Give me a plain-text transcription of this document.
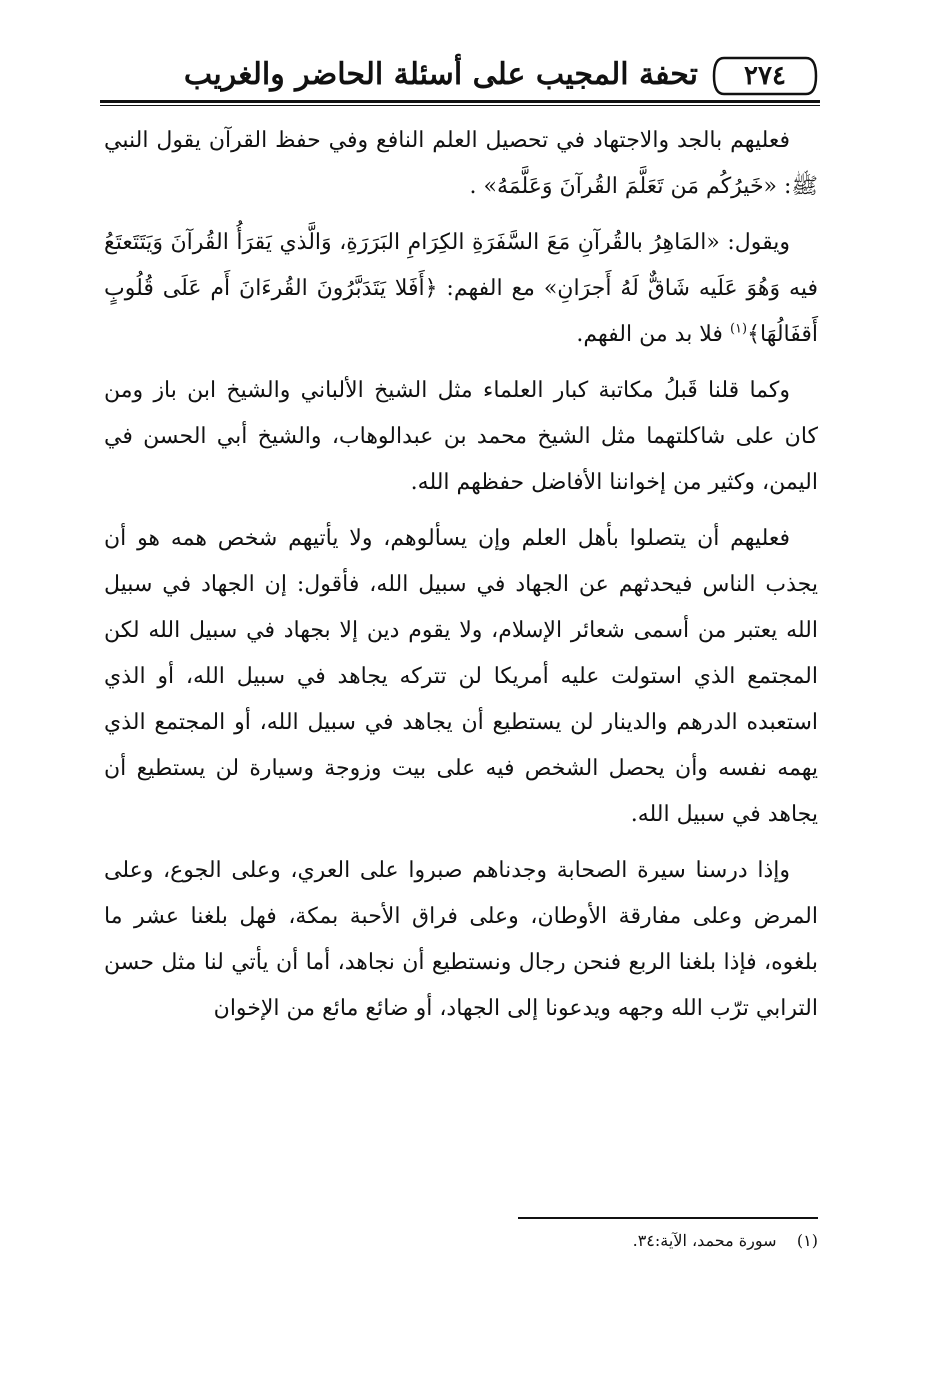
٢٧٤
تحفة المجيب على أسئلة الحاضر والغريب

فعليهم بالجد والاجتهاد في تحصيل العلم النافع وفي حفظ القرآن يقول النبي ﷺ: «خَيرُكُم مَن تَعَلَّمَ القُرآنَ وَعَلَّمَهُ» .

ويقول: «المَاهِرُ بالقُرآنِ مَعَ السَّفَرَةِ الكِرَامِ البَرَرَةِ، وَالَّذي يَقرَأُ القُرآنَ وَيَتَتَعتَعُ فيه وَهُوَ عَلَيه شَاقٌّ لَهُ أَجرَانِ» مع الفهم: ﴿أَفَلا يَتَدَبَّرُونَ القُرءَانَ أَم عَلَى قُلُوبٍ أَقفَالُهَا﴾$^{(١)}$ فلا بد من الفهم.

وكما قلنا قَبلُ مكاتبة كبار العلماء مثل الشيخ الألباني والشيخ ابن باز ومن كان على شاكلتهما مثل الشيخ محمد بن عبدالوهاب، والشيخ أبي الحسن في اليمن، وكثير من إخواننا الأفاضل حفظهم الله.

فعليهم أن يتصلوا بأهل العلم وإن يسألوهم، ولا يأتيهم شخص همه هو أن يجذب الناس فيحدثهم عن الجهاد في سبيل الله، فأقول: إن الجهاد في سبيل الله يعتبر من أسمى شعائر الإسلام، ولا يقوم دين إلا بجهاد في سبيل الله لكن المجتمع الذي استولت عليه أمريكا لن تتركه يجاهد في سبيل الله، أو الذي استعبده الدرهم والدينار لن يستطيع أن يجاهد في سبيل الله، أو المجتمع الذي يهمه نفسه وأن يحصل الشخص فيه على بيت وزوجة وسيارة لن يستطيع أن يجاهد في سبيل الله.

وإذا درسنا سيرة الصحابة وجدناهم صبروا على العري، وعلى الجوع، وعلى المرض وعلى مفارقة الأوطان، وعلى فراق الأحبة بمكة، فهل بلغنا عشر ما بلغوه، فإذا بلغنا الربع فنحن رجال ونستطيع أن نجاهد، أما أن يأتي لنا مثل حسن الترابي ترّب الله وجهه ويدعونا إلى الجهاد، أو ضائع مائع من الإخوان

(١)    سورة محمد، الآية:٣٤.
